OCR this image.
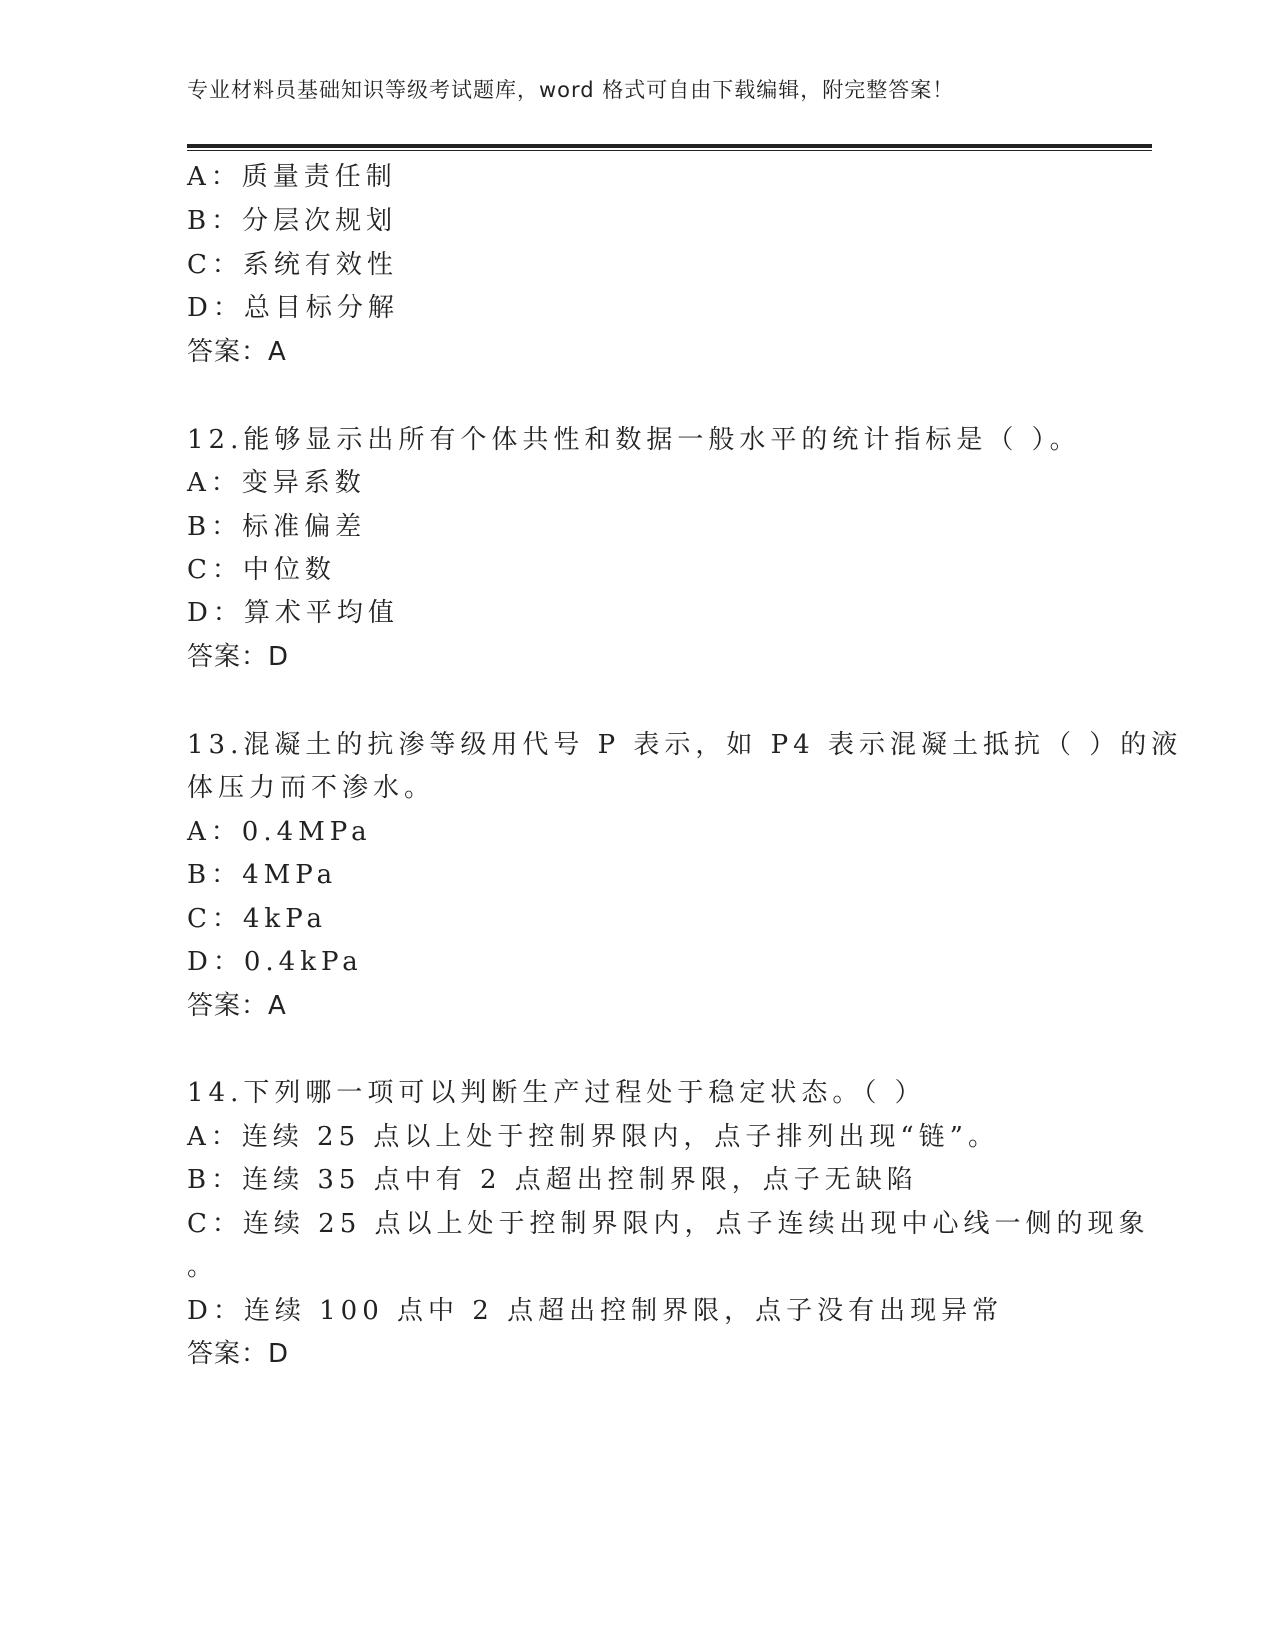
专业材料员基础知识等级考试题库，word 格式可自由下载编辑，附完整答案！
A：质量责任制
B：分层次规划
C：系统有效性
D：总目标分解
答案：A
12.能够显示出所有个体共性和数据一般水平的统计指标是（ ）。
A：变异系数
B：标准偏差
C：中位数
D：算术平均值
答案：D
13.混凝土的抗渗等级用代号 P 表示，如 P4 表示混凝土抵抗（ ）的液
体压力而不渗水。
A：0.4MPa
B：4MPa
C：4kPa
D：0.4kPa
答案：A
14.下列哪一项可以判断生产过程处于稳定状态。（ ）
A：连续 25 点以上处于控制界限内，点子排列出现“链”。
B：连续 35 点中有 2 点超出控制界限，点子无缺陷
C：连续 25 点以上处于控制界限内，点子连续出现中心线一侧的现象
。
D：连续 100 点中 2 点超出控制界限，点子没有出现异常
答案：D
